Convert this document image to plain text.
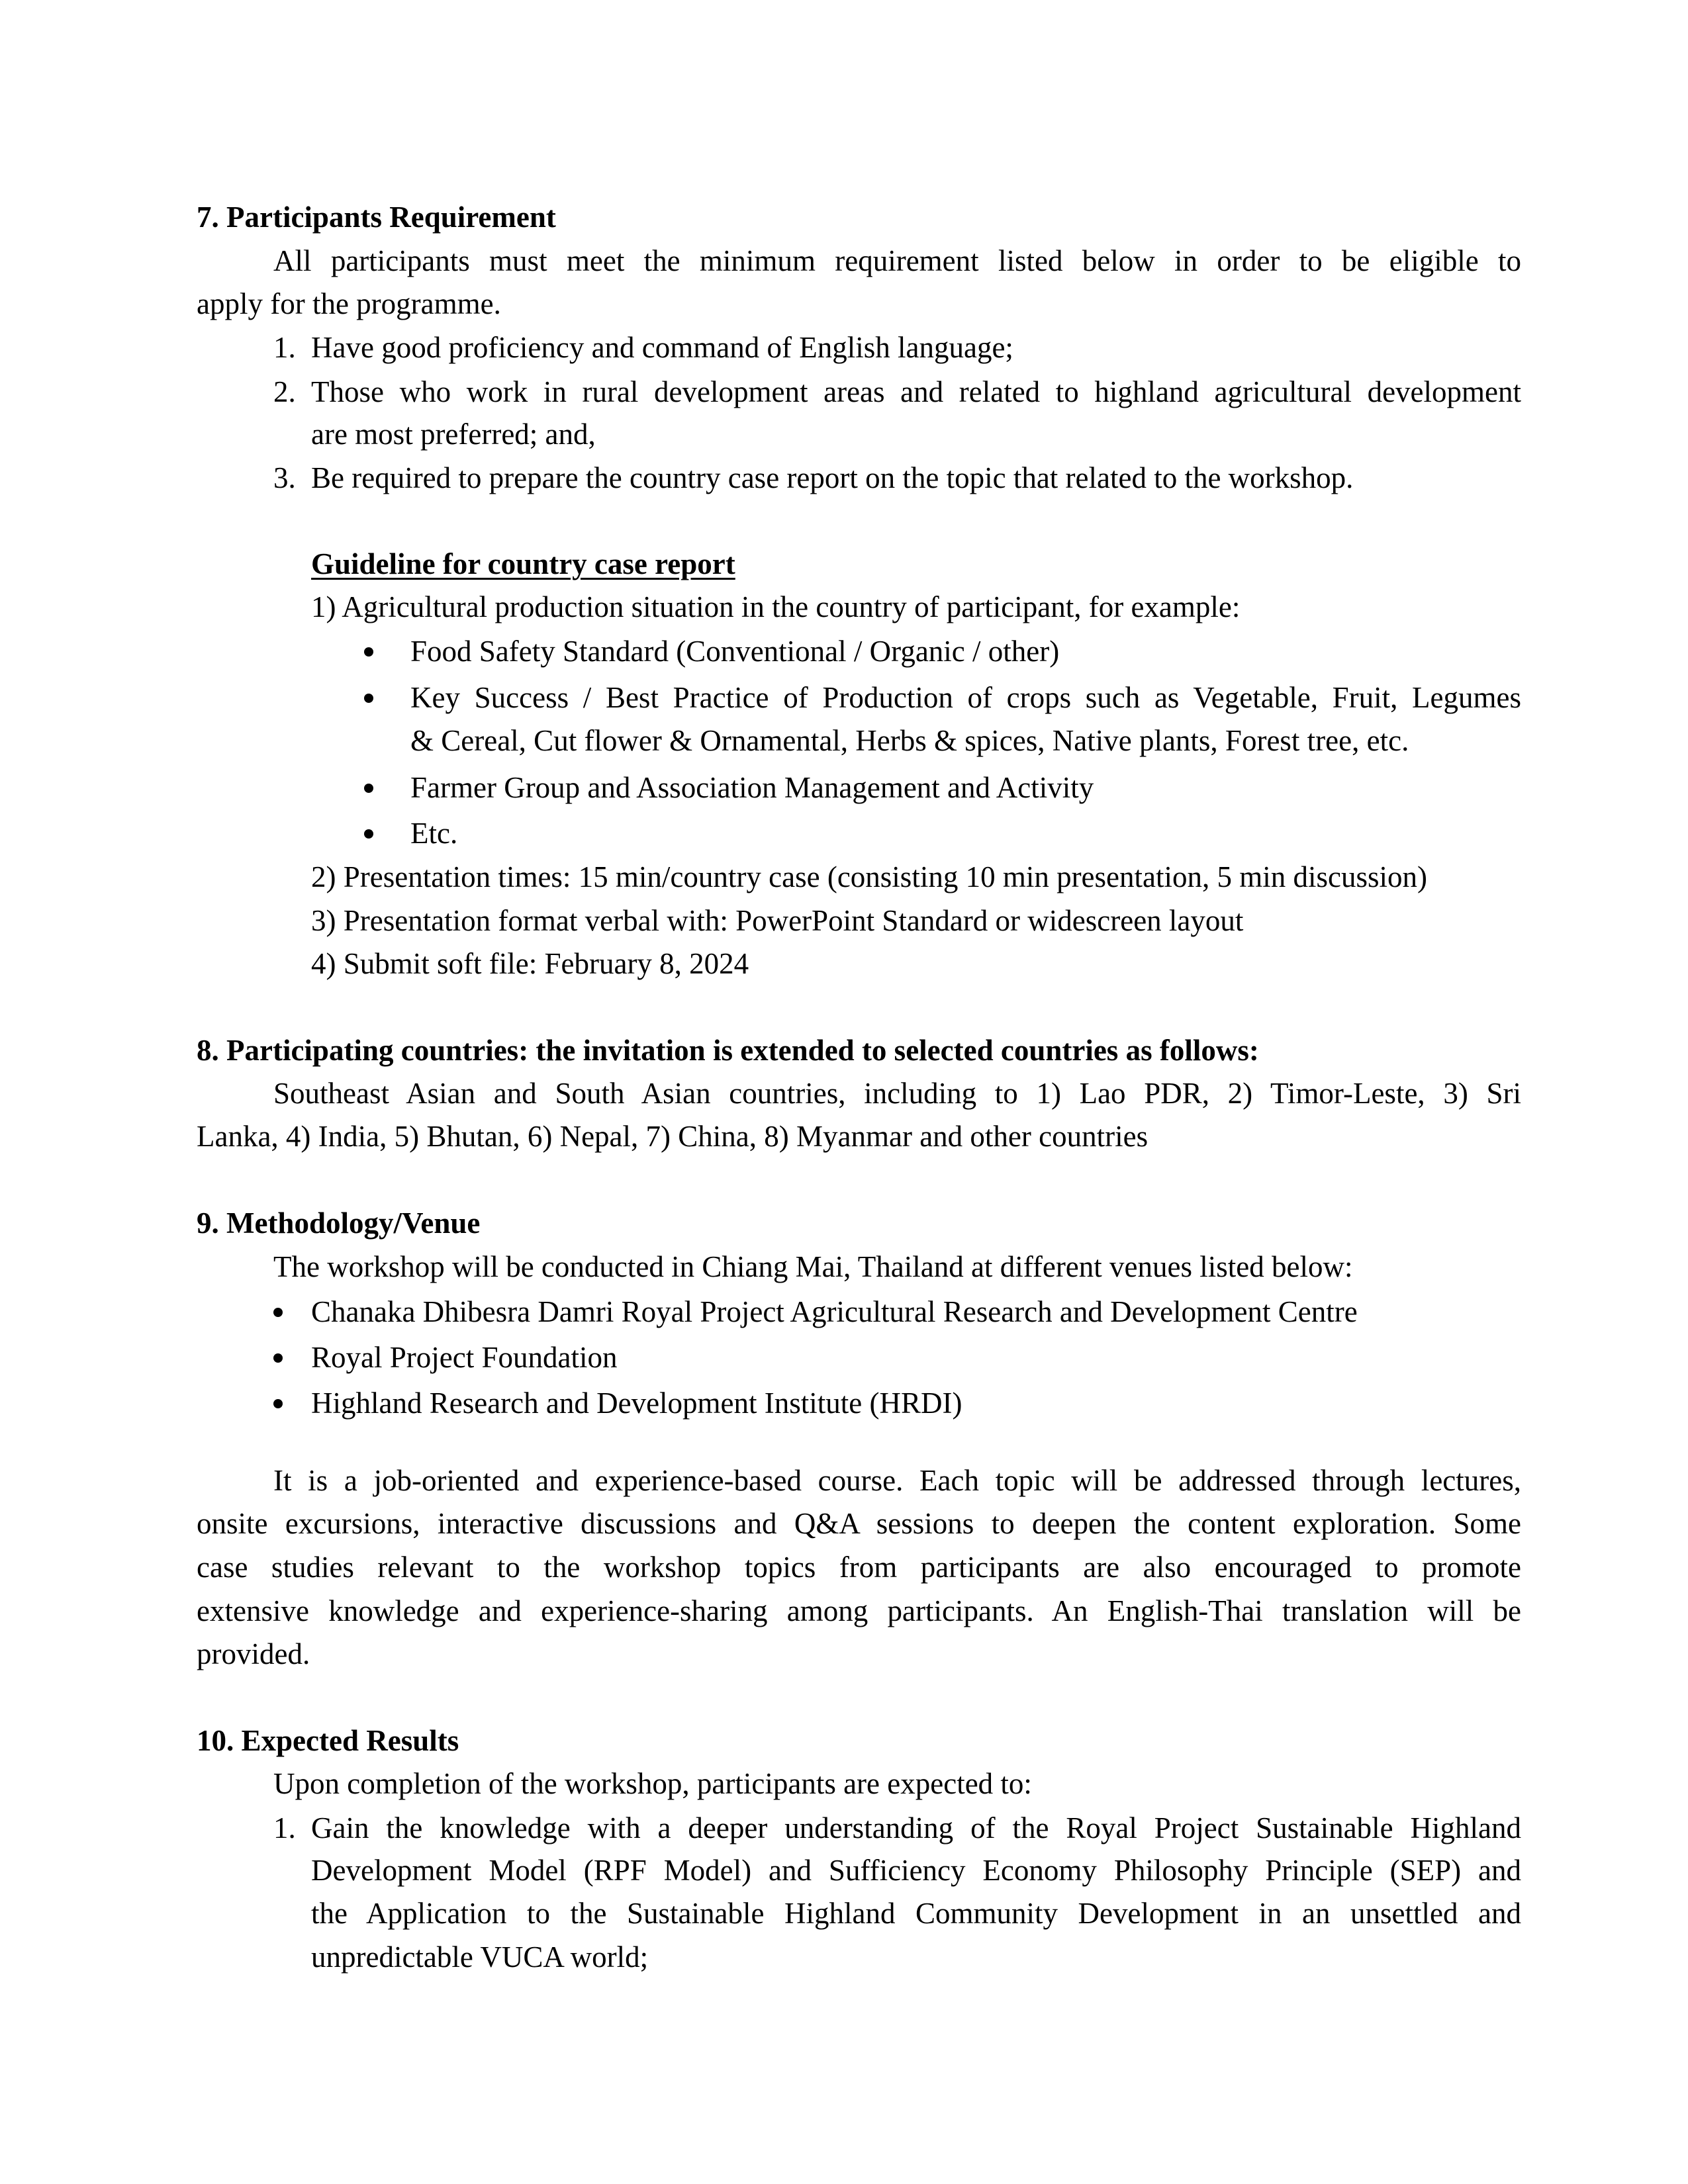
7. Participants Requirement
All participants must meet the minimum requirement listed below in order to be eligible to
apply for the programme.
1. Have good proficiency and command of English language;
2. Those who work in rural development areas and related to highland agricultural development
are most preferred; and,
3. Be required to prepare the country case report on the topic that related to the workshop.
Guideline for country case report
1) Agricultural production situation in the country of participant, for example:
Food Safety Standard (Conventional / Organic / other)
Key Success / Best Practice of Production of crops such as Vegetable, Fruit, Legumes
& Cereal, Cut flower & Ornamental, Herbs & spices, Native plants, Forest tree, etc.
Farmer Group and Association Management and Activity
Etc.
2) Presentation times: 15 min/country case (consisting 10 min presentation, 5 min discussion)
3) Presentation format verbal with: PowerPoint Standard or widescreen layout
4) Submit soft file: February 8, 2024
8. Participating countries: the invitation is extended to selected countries as follows:
Southeast Asian and South Asian countries, including to 1) Lao PDR, 2) Timor-Leste, 3) Sri
Lanka, 4) India, 5) Bhutan, 6) Nepal, 7) China, 8) Myanmar and other countries
9. Methodology/Venue
The workshop will be conducted in Chiang Mai, Thailand at different venues listed below:
Chanaka Dhibesra Damri Royal Project Agricultural Research and Development Centre
Royal Project Foundation
Highland Research and Development Institute (HRDI)
It is a job-oriented and experience-based course. Each topic will be addressed through lectures,
onsite excursions, interactive discussions and Q&A sessions to deepen the content exploration. Some
case studies relevant to the workshop topics from participants are also encouraged to promote
extensive knowledge and experience-sharing among participants. An English-Thai translation will be
provided.
10. Expected Results
Upon completion of the workshop, participants are expected to:
1. Gain the knowledge with a deeper understanding of the Royal Project Sustainable Highland
Development Model (RPF Model) and Sufficiency Economy Philosophy Principle (SEP) and
the Application to the Sustainable Highland Community Development in an unsettled and
unpredictable VUCA world;
